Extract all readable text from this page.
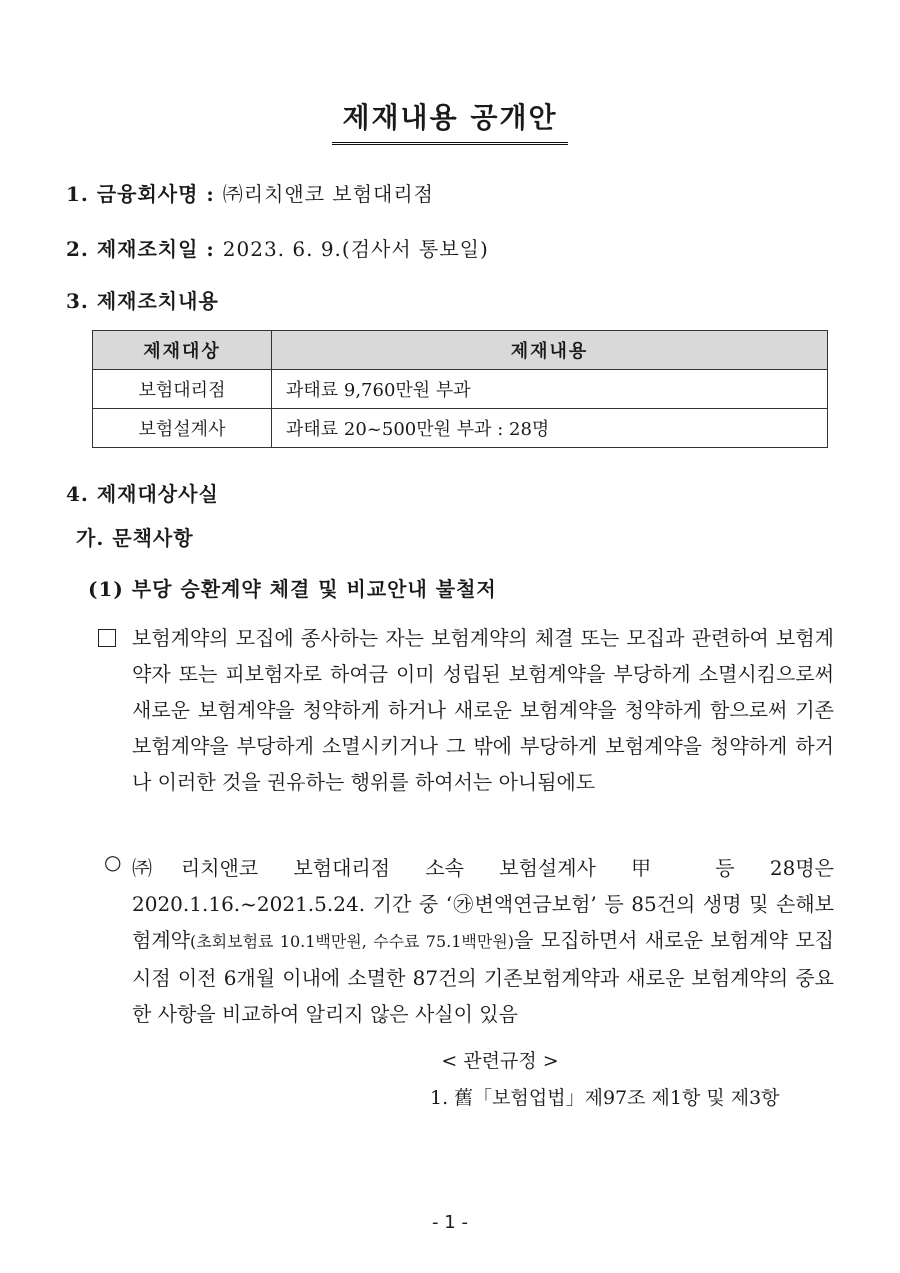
제재내용 공개안
1. 금융회사명 : ㈜리치앤코 보험대리점
2. 제재조치일 : 2023. 6. 9.(검사서 통보일)
3. 제재조치내용
제재대상	제재내용
보험대리점	과태료 9,760만원 부과
보험설계사	과태료 20~500만원 부과 : 28명
4. 제재대상사실
가. 문책사항
(1) 부당 승환계약 체결 및 비교안내 불철저
보험계약의 모집에 종사하는 자는 보험계약의 체결 또는 모집과 관련하여 보험계약자 또는 피보험자로 하여금 이미 성립된 보험계약을 부당하게 소멸시킴으로써 새로운 보험계약을 청약하게 하거나 새로운 보험계약을 청약하게 함으로써 기존보험계약을 부당하게 소멸시키거나 그 밖에 부당하게 보험계약을 청약하게 하거나 이러한 것을 권유하는 행위를 하여서는 아니됨에도
○ ㈜리치앤코 보험대리점 소속 보험설계사 甲 등 28명은 2020.1.16.~2021.5.24. 기간 중 ‘㉮변액연금보험’ 등 85건의 생명 및 손해보험계약(초회보험료 10.1백만원, 수수료 75.1백만원)을 모집하면서 새로운 보험계약 모집시점 이전 6개월 이내에 소멸한 87건의 기존보험계약과 새로운 보험계약의 중요한 사항을 비교하여 알리지 않은 사실이 있음
< 관련규정 >
1. 舊「보험업법」제97조 제1항 및 제3항
- 1 -
